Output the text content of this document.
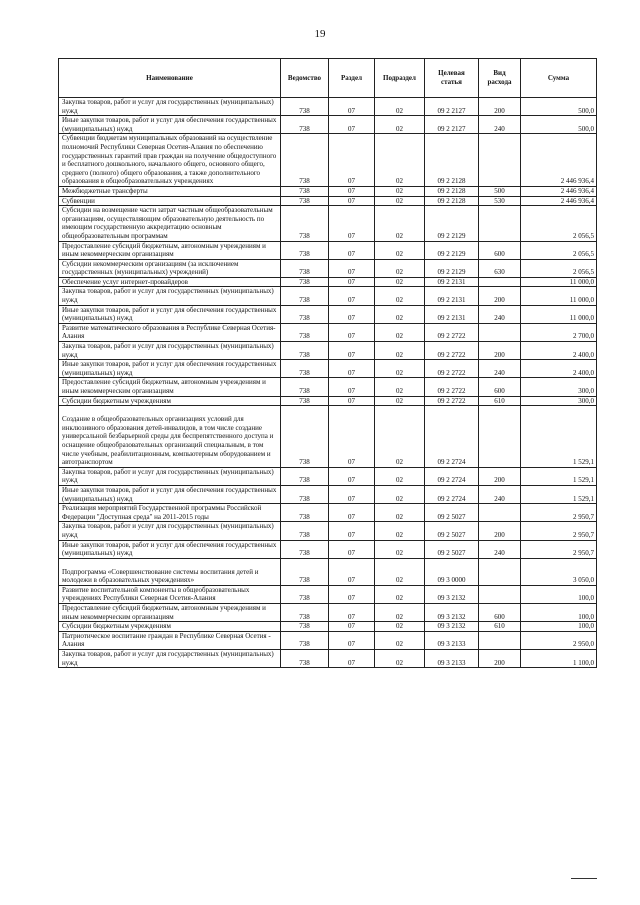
19
Наименование	Ведомство	Раздел	Подраздел	Целевая статья	Вид расхода	Сумма
Закупка товаров, работ и услуг для государственных (муниципальных) нужд	738	07	02	09 2 2127	200	500,0
Иные закупки товаров, работ и услуг для обеспечения государственных (муниципальных) нужд	738	07	02	09 2 2127	240	500,0
Субвенции бюджетам муниципальных образований на осуществление полномочий Республики Северная Осетия-Алания по обеспечению государственных гарантий прав граждан на получение общедоступного и бесплатного дошкольного, начального общего, основного общего, среднего (полного) общего образования, а также дополнительного образования в общеобразовательных учреждениях	738	07	02	09 2 2128		2 446 936,4
Межбюджетные трансферты	738	07	02	09 2 2128	500	2 446 936,4
Субвенции	738	07	02	09 2 2128	530	2 446 936,4
Субсидии на возмещение части затрат частным общеобразовательным организациям, осуществляющим образовательную деятельность по имеющим государственную аккредитацию основным общеобразовательным программам	738	07	02	09 2 2129		2 056,5
Предоставление субсидий бюджетным, автономным учреждениям и иным некоммерческим организациям	738	07	02	09 2 2129	600	2 056,5
Субсидии некоммерческим организациям (за исключением государственных (муниципальных) учреждений)	738	07	02	09 2 2129	630	2 056,5
Обеспечение услуг интернет-провайдеров	738	07	02	09 2 2131		11 000,0
Закупка товаров, работ и услуг для государственных (муниципальных) нужд	738	07	02	09 2 2131	200	11 000,0
Иные закупки товаров, работ и услуг для обеспечения государственных (муниципальных) нужд	738	07	02	09 2 2131	240	11 000,0
Развитие математического образования в Республике Северная Осетия-Алания	738	07	02	09 2 2722		2 700,0
Закупка товаров, работ и услуг для государственных (муниципальных) нужд	738	07	02	09 2 2722	200	2 400,0
Иные закупки товаров, работ и услуг для обеспечения государственных (муниципальных) нужд	738	07	02	09 2 2722	240	2 400,0
Предоставление субсидий бюджетным, автономным учреждениям и иным некоммерческим организациям	738	07	02	09 2 2722	600	300,0
Субсидии бюджетным учреждениям	738	07	02	09 2 2722	610	300,0
Создание в общеобразовательных организациях условий для инклюзивного образования детей-инвалидов, в том числе создание универсальной безбарьерной среды для беспрепятственного доступа и оснащение общеобразовательных организаций специальным, в том числе учебным, реабилитационным, компьютерным оборудованием и автотранспортом	738	07	02	09 2 2724		1 529,1
Закупка товаров, работ и услуг для государственных (муниципальных) нужд	738	07	02	09 2 2724	200	1 529,1
Иные закупки товаров, работ и услуг для обеспечения государственных (муниципальных) нужд	738	07	02	09 2 2724	240	1 529,1
Реализация мероприятий Государственной программы Российской Федерации "Доступная среда" на 2011-2015 годы	738	07	02	09 2 5027		2 950,7
Закупка товаров, работ и услуг для государственных (муниципальных) нужд	738	07	02	09 2 5027	200	2 950,7
Иные закупки товаров, работ и услуг для обеспечения государственных (муниципальных) нужд	738	07	02	09 2 5027	240	2 950,7
Подпрограмма «Совершенствование системы воспитания детей и молодежи в образовательных учреждениях»	738	07	02	09 3 0000		3 050,0
Развитие воспитательной компоненты в общеобразовательных учреждениях Республики Северная Осетия-Алания	738	07	02	09 3 2132		100,0
Предоставление субсидий бюджетным, автономным учреждениям и иным некоммерческим организациям	738	07	02	09 3 2132	600	100,0
Субсидии бюджетным учреждениям	738	07	02	09 3 2132	610	100,0
Патриотическое воспитание граждан в Республике Северная Осетия - Алания	738	07	02	09 3 2133		2 950,0
Закупка товаров, работ и услуг для государственных (муниципальных) нужд	738	07	02	09 3 2133	200	1 100,0
